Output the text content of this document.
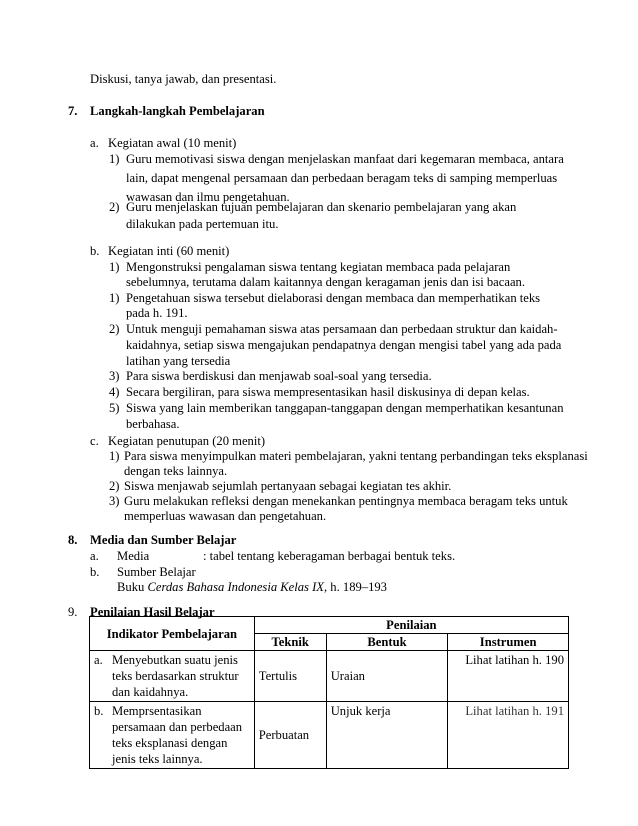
Diskusi, tanya jawab, dan presentasi.
7. Langkah-langkah Pembelajaran
a. Kegiatan awal (10 menit)
1) Guru memotivasi siswa dengan menjelaskan manfaat dari kegemaran membaca, antara
lain, dapat mengenal persamaan dan perbedaan beragam teks di samping memperluas
wawasan dan ilmu pengetahuan.
2) Guru menjelaskan tujuan pembelajaran dan skenario pembelajaran yang akan
dilakukan pada pertemuan itu.
b. Kegiatan inti (60 menit)
1) Mengonstruksi pengalaman siswa tentang kegiatan membaca pada pelajaran
sebelumnya, terutama dalam kaitannya dengan keragaman jenis dan isi bacaan.
1) Pengetahuan siswa tersebut dielaborasi dengan membaca dan memperhatikan teks
pada h. 191.
2) Untuk menguji pemahaman siswa atas persamaan dan perbedaan struktur dan kaidah-
kaidahnya, setiap siswa mengajukan pendapatnya dengan mengisi tabel yang ada pada
latihan yang tersedia
3) Para siswa berdiskusi dan menjawab soal-soal yang tersedia.
4) Secara bergiliran, para siswa mempresentasikan hasil diskusinya di depan kelas.
5) Siswa yang lain memberikan tanggapan-tanggapan dengan memperhatikan kesantunan
berbahasa.
c. Kegiatan penutupan (20 menit)
1) Para siswa menyimpulkan materi pembelajaran, yakni tentang perbandingan teks eksplanasi
dengan teks lainnya.
2) Siswa menjawab sejumlah pertanyaan sebagai kegiatan tes akhir.
3) Guru melakukan refleksi dengan menekankan pentingnya membaca beragam teks untuk
memperluas wawasan dan pengetahuan.
8. Media dan Sumber Belajar
a. Media	: tabel tentang keberagaman berbagai bentuk teks.
b. Sumber Belajar
Buku Cerdas Bahasa Indonesia Kelas IX, h. 189–193
9. Penilaian Hasil Belajar
Indikator Pembelajaran	Penilaian		
	Teknik	Bentuk	Instrumen
a. Menyebutkan suatu jenis teks berdasarkan struktur dan kaidahnya.	Tertulis	Uraian	Lihat latihan h. 190
b. Memprsentasikan persamaan dan perbedaan teks eksplanasi dengan jenis teks lainnya.	Perbuatan	Unjuk kerja	Lihat latihan h. 191
